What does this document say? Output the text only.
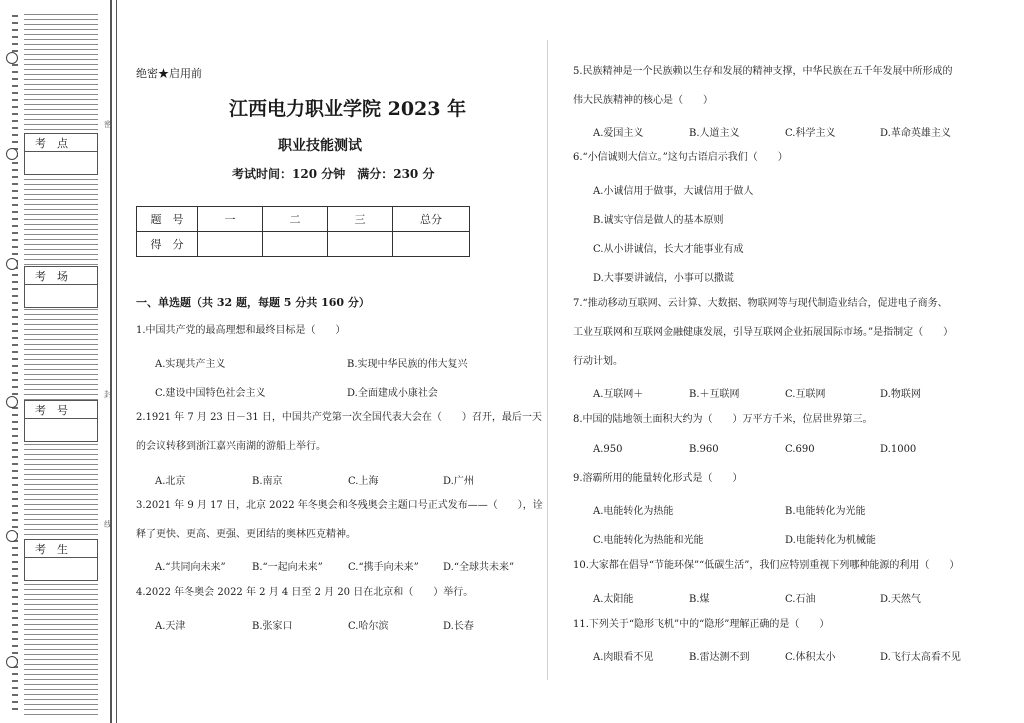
密
封
线
考　点
考　场
考　号
考　生
绝密★启用前
江西电力职业学院 2023 年
职业技能测试
考试时间：120 分钟　满分：230 分
题　号	一	二	三	总分
得　分				
一、单选题（共 32 题，每题 5 分共 160 分）
1.中国共产党的最高理想和最终目标是（　　）
A.实现共产主义	B.实现中华民族的伟大复兴
C.建设中国特色社会主义	D.全面建成小康社会
2.1921 年 7 月 23 日－31 日，中国共产党第一次全国代表大会在（　　）召开，最后一天
的会议转移到浙江嘉兴南湖的游船上举行。
A.北京	B.南京	C.上海	D.广州
3.2021 年 9 月 17 日，北京 2022 年冬奥会和冬残奥会主题口号正式发布——（　　），诠
释了更快、更高、更强、更团结的奥林匹克精神。
A.“共同向未来”	B.“一起向未来”	C.“携手向未来” D.“全球共未来”
4.2022 年冬奥会 2022 年 2 月 4 日至 2 月 20 日在北京和（　　）举行。
A.天津	B.张家口	C.哈尔滨	D.长春
5.民族精神是一个民族赖以生存和发展的精神支撑，中华民族在五千年发展中所形成的
伟大民族精神的核心是（　　）
A.爱国主义	B.人道主义	C.科学主义	D.革命英雄主义
6.“小信诚则大信立。”这句古语启示我们（　　）
A.小诚信用于做事，大诚信用于做人
B.诚实守信是做人的基本原则
C.从小讲诚信，长大才能事业有成
D.大事要讲诚信，小事可以撒谎
7.“推动移动互联网、云计算、大数据、物联网等与现代制造业结合，促进电子商务、
工业互联网和互联网金融健康发展，引导互联网企业拓展国际市场。”是指制定（　　）
行动计划。
A.互联网＋	B.＋互联网	C.互联网	D.物联网
8.中国的陆地领土面积大约为（　　）万平方千米，位居世界第三。
A.950	B.960	C.690	D.1000
9.溶霸所用的能量转化形式是（　　）
A.电能转化为热能	B.电能转化为光能
C.电能转化为热能和光能	D.电能转化为机械能
10.大家都在倡导“节能环保”“低碳生活”，我们应特别重视下列哪种能源的利用（　　）
A.太阳能	B.煤	C.石油	D.天然气
11.下列关于“隐形飞机”中的“隐形”理解正确的是（　　）
A.肉眼看不见	B.雷达测不到	C.体积太小	D.飞行太高看不见
